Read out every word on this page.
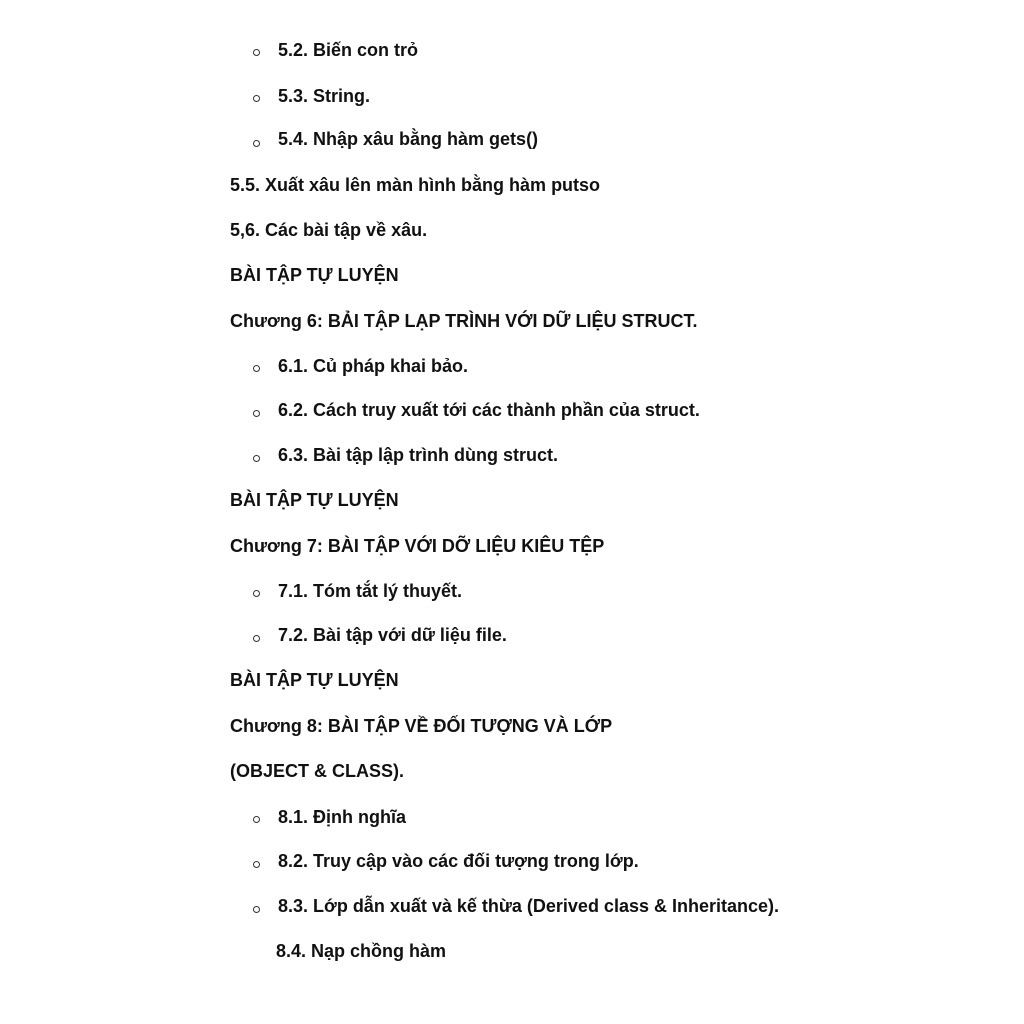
5.2. Biến con trỏ
5.3. String.
5.4. Nhập xâu bằng hàm gets()
5.5. Xuất xâu lên màn hình bằng hàm putso
5,6. Các bài tập về xâu.
BÀI TẬP TỰ LUYỆN
Chương 6: BẢI TẬP LẠP TRÌNH VỚI DỮ LIỆU STRUCT.
6.1. Củ pháp khai bảo.
6.2. Cách truy xuất tới các thành phần của struct.
6.3. Bài tập lập trình dùng struct.
BÀI TẬP TỰ LUYỆN
Chương 7: BÀI TẬP VỚI DỠ LIỆU KIÊU TỆP
7.1. Tóm tắt lý thuyết.
7.2. Bài tập với dữ liệu file.
BÀI TẬP TỰ LUYỆN
Chương 8: BÀI TẬP VỀ ĐỐI TƯỢNG VÀ LỚP
(OBJECT & CLASS).
8.1. Định nghĩa
8.2. Truy cập vào các đối tượng trong lớp.
8.3. Lớp dẫn xuất và kế thừa (Derived class & Inheritance).
8.4. Nạp chồng hàm
